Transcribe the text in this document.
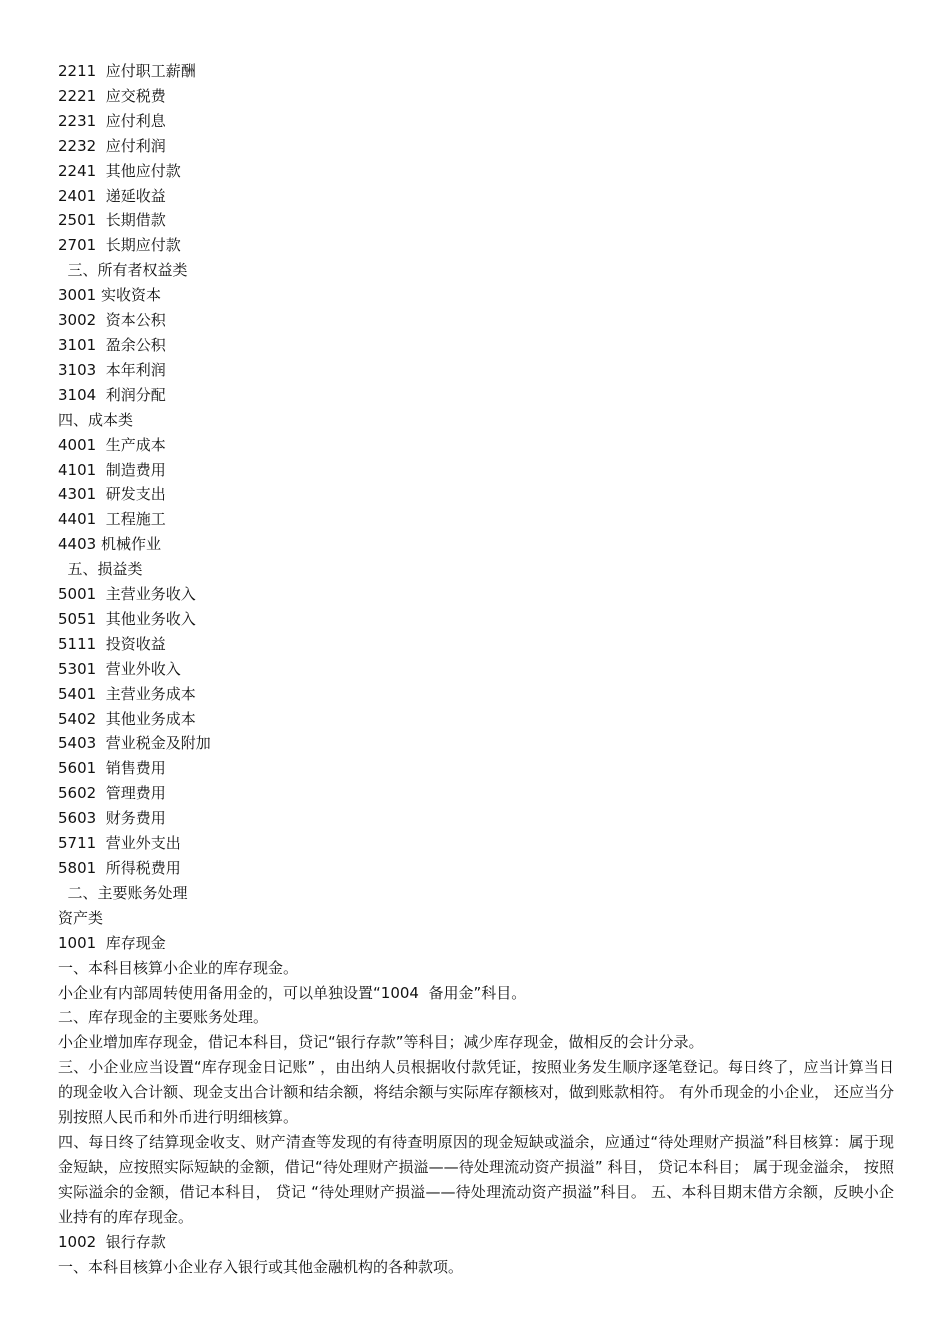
2211  应付职工薪酬

2221  应交税费

2231  应付利息

2232  应付利润

2241  其他应付款

2401  递延收益

2501  长期借款

2701  长期应付款

三、所有者权益类

3001 实收资本

3002  资本公积

3101  盈余公积

3103  本年利润

3104  利润分配

四、成本类

4001  生产成本

4101  制造费用

4301  研发支出

4401  工程施工

4403 机械作业

五、损益类

5001  主营业务收入

5051  其他业务收入

5111  投资收益

5301  营业外收入

5401  主营业务成本

5402  其他业务成本

5403  营业税金及附加

5601  销售费用

5602  管理费用

5603  财务费用

5711  营业外支出

5801  所得税费用

二、主要账务处理

资产类

1001  库存现金

一、本科目核算小企业的库存现金。

小企业有内部周转使用备用金的，可以单独设置“1004  备用金”科目。

二、库存现金的主要账务处理。

小企业增加库存现金，借记本科目，贷记“银行存款”等科目；减少库存现金，做相反的会计分录。

三、小企业应当设置“库存现金日记账” ，由出纳人员根据收付款凭证，按照业务发生顺序逐笔登记。每日终了，应当计算当日的现金收入合计额、现金支出合计额和结余额，将结余额与实际库存额核对，做到账款相符。 有外币现金的小企业， 还应当分别按照人民币和外币进行明细核算。

四、每日终了结算现金收支、财产清查等发现的有待查明原因的现金短缺或溢余，应通过“待处理财产损溢”科目核算：属于现金短缺，应按照实际短缺的金额，借记“待处理财产损溢——待处理流动资产损溢” 科目， 贷记本科目； 属于现金溢余， 按照实际溢余的金额，借记本科目， 贷记 “待处理财产损溢——待处理流动资产损溢”科目。 五、本科目期末借方余额，反映小企业持有的库存现金。

1002  银行存款

一、本科目核算小企业存入银行或其他金融机构的各种款项。
